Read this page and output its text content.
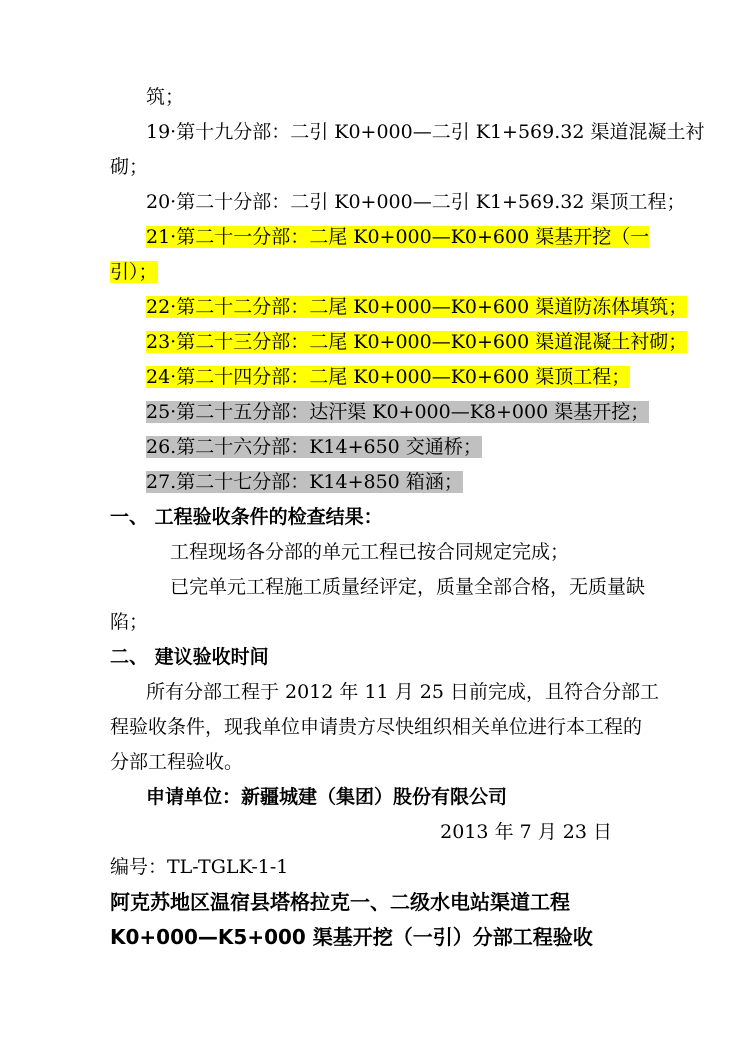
筑；

19·第十九分部：二引 K0+000—二引 K1+569.32 渠道混凝土衬

砌；

20·第二十分部：二引 K0+000—二引 K1+569.32 渠顶工程；

21·第二十一分部：二尾 K0+000—K0+600 渠基开挖（一

引）；

22·第二十二分部：二尾 K0+000—K0+600 渠道防冻体填筑；

23·第二十三分部：二尾 K0+000—K0+600 渠道混凝土衬砌；

24·第二十四分部：二尾 K0+000—K0+600 渠顶工程；

25·第二十五分部：达汗渠 K0+000—K8+000 渠基开挖；

26.第二十六分部：K14+650 交通桥；

27.第二十七分部：K14+850 箱涵；

一、 工程验收条件的检查结果：

工程现场各分部的单元工程已按合同规定完成；

已完单元工程施工质量经评定，质量全部合格，无质量缺

陷；

二、 建议验收时间

所有分部工程于 2012 年 11 月 25 日前完成，且符合分部工

程验收条件，现我单位申请贵方尽快组织相关单位进行本工程的

分部工程验收。

申请单位：新疆城建（集团）股份有限公司

2013 年 7 月 23 日

编号：TL-TGLK-1-1

阿克苏地区温宿县塔格拉克一、二级水电站渠道工程

K0+000—K5+000 渠基开挖（一引）分部工程验收
